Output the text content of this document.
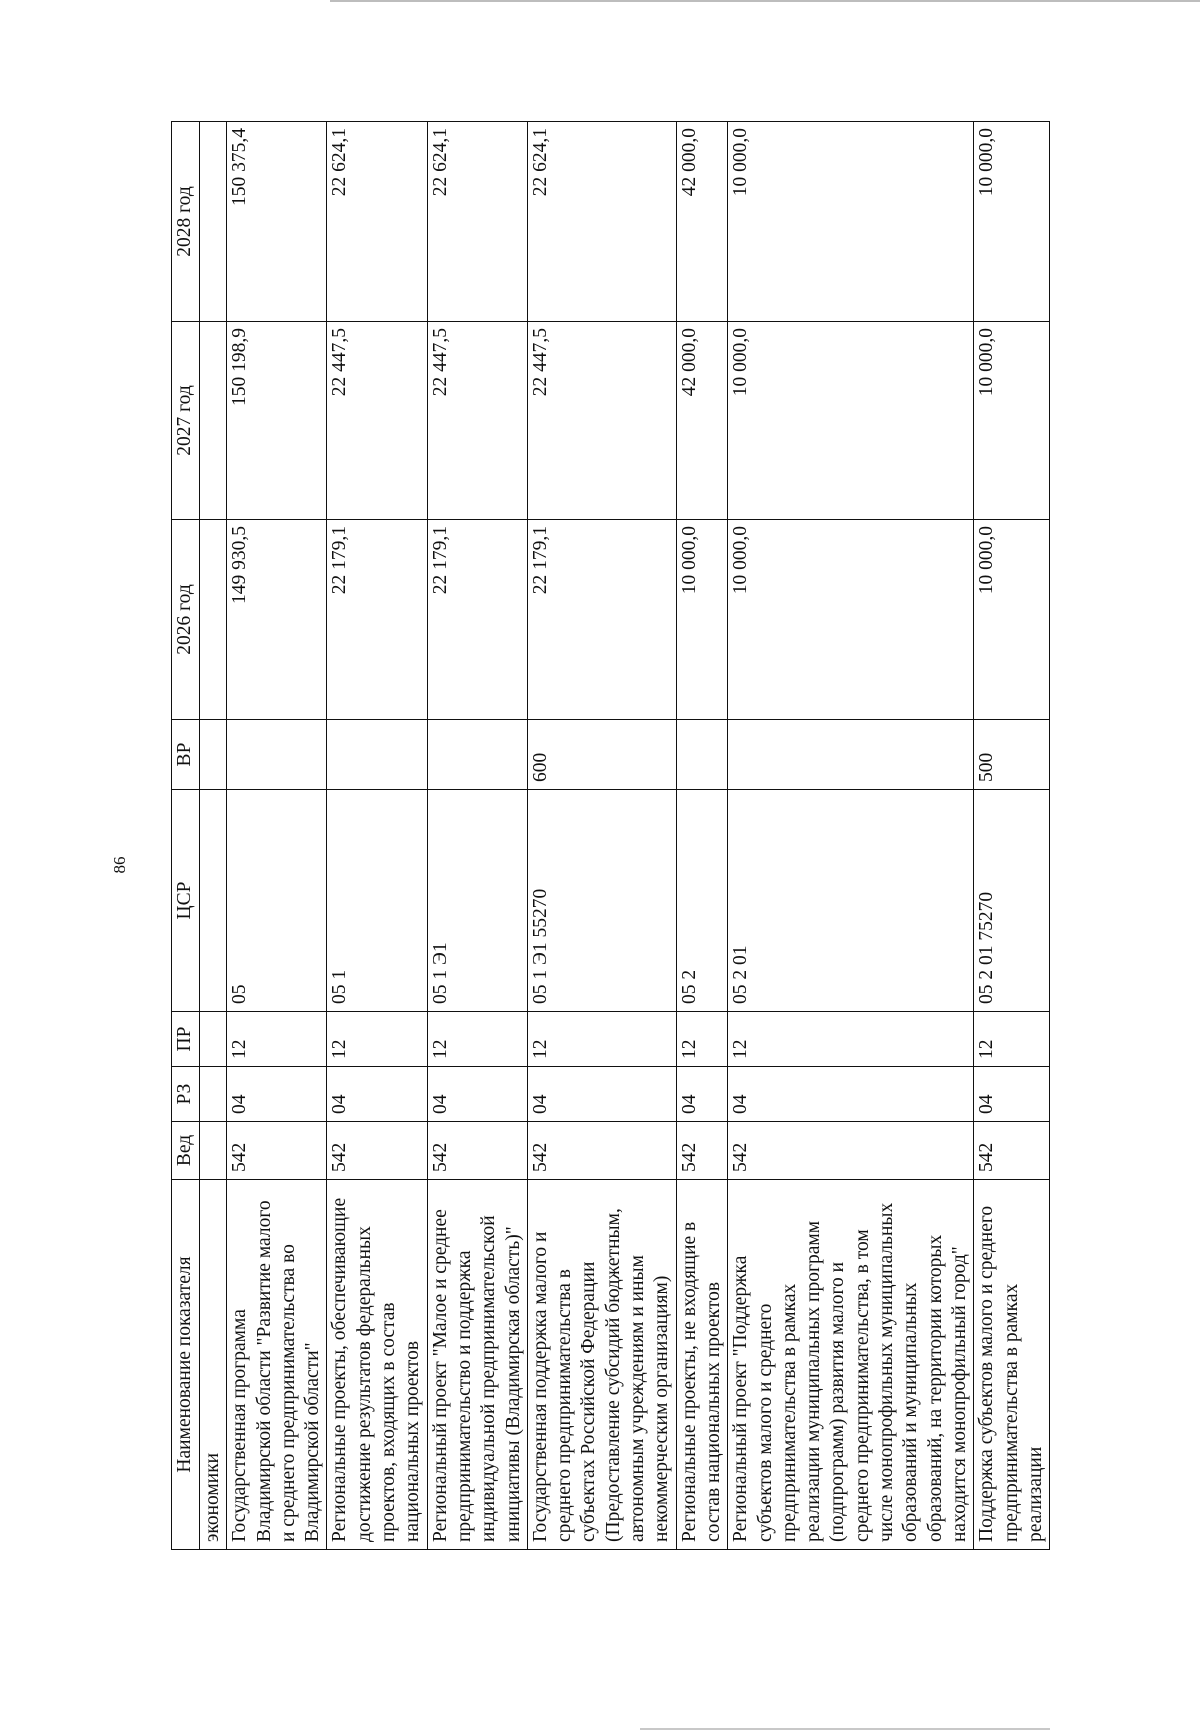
86
Наименование показателя	Вед	РЗ	ПР	ЦСР	ВР	2026 год	2027 год	2028 год
экономики								
Государственная программа Владимирской области "Развитие малого и среднего предпринимательства во Владимирской области"	542	04	12	05		149 930,5	150 198,9	150 375,4
Региональные проекты, обеспечивающие достижение результатов федеральных проектов, входящих в состав национальных проектов	542	04	12	05 1		22 179,1	22 447,5	22 624,1
Региональный проект "Малое и среднее предпринимательство и поддержка индивидуальной предпринимательской инициативы (Владимирская область)"	542	04	12	05 1 Э1		22 179,1	22 447,5	22 624,1
Государственная поддержка малого и среднего предпринимательства в субъектах Российской Федерации (Предоставление субсидий бюджетным, автономным учреждениям и иным некоммерческим организациям)	542	04	12	05 1 Э1 55270	600	22 179,1	22 447,5	22 624,1
Региональные проекты, не входящие в состав национальных проектов	542	04	12	05 2		10 000,0	42 000,0	42 000,0
Региональный проект "Поддержка субъектов малого и среднего предпринимательства в рамках реализации муниципальных программ (подпрограмм) развития малого и среднего предпринимательства, в том числе монопрофильных муниципальных образований и муниципальных образований, на территории которых находится монопрофильный город"	542	04	12	05 2 01		10 000,0	10 000,0	10 000,0
Поддержка субъектов малого и среднего предпринимательства в рамках реализации	542	04	12	05 2 01 75270	500	10 000,0	10 000,0	10 000,0
